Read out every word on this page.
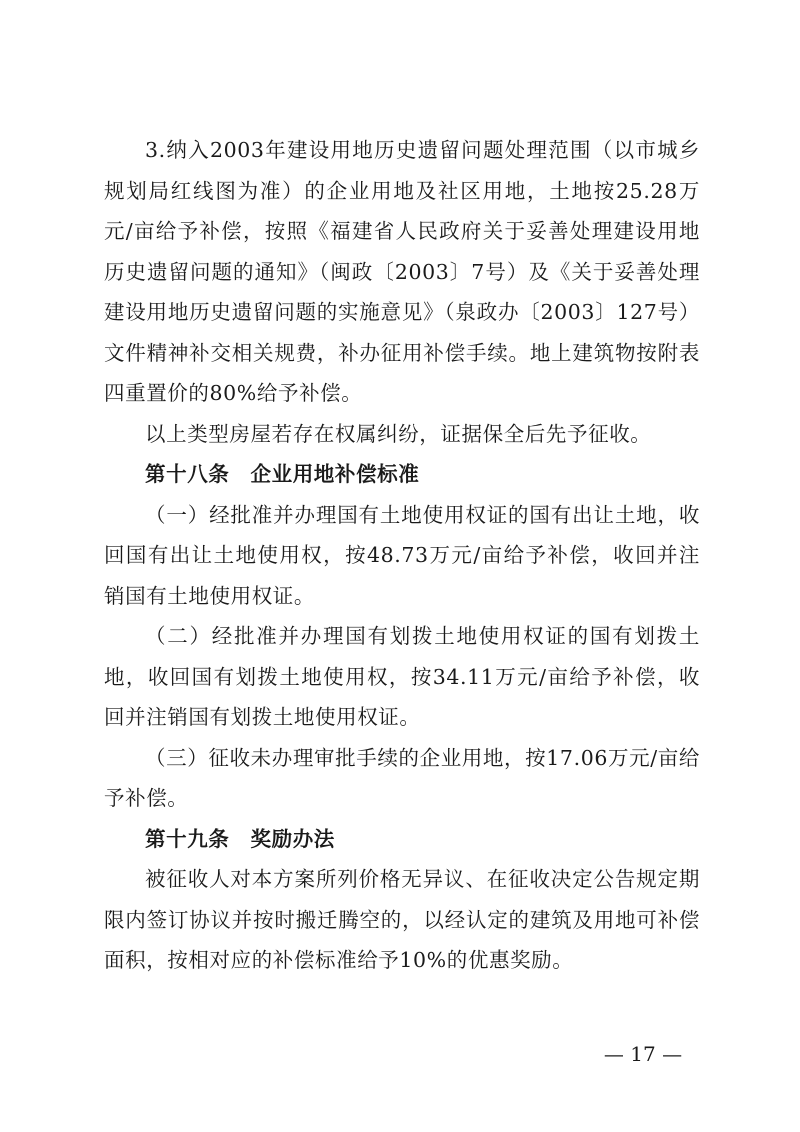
3.纳入2003年建设用地历史遗留问题处理范围（以市城乡规划局红线图为准）的企业用地及社区用地，土地按25.28万元/亩给予补偿，按照《福建省人民政府关于妥善处理建设用地历史遗留问题的通知》（闽政〔2003〕7号）及《关于妥善处理建设用地历史遗留问题的实施意见》（泉政办〔2003〕127号）文件精神补交相关规费，补办征用补偿手续。地上建筑物按附表四重置价的80%给予补偿。

以上类型房屋若存在权属纠纷，证据保全后先予征收。

第十八条　企业用地补偿标准

（一）经批准并办理国有土地使用权证的国有出让土地，收回国有出让土地使用权，按48.73万元/亩给予补偿，收回并注销国有土地使用权证。

（二）经批准并办理国有划拨土地使用权证的国有划拨土地，收回国有划拨土地使用权，按34.11万元/亩给予补偿，收回并注销国有划拨土地使用权证。

（三）征收未办理审批手续的企业用地，按17.06万元/亩给予补偿。

第十九条　奖励办法

被征收人对本方案所列价格无异议、在征收决定公告规定期限内签订协议并按时搬迁腾空的，以经认定的建筑及用地可补偿面积，按相对应的补偿标准给予10%的优惠奖励。

— 17 —
